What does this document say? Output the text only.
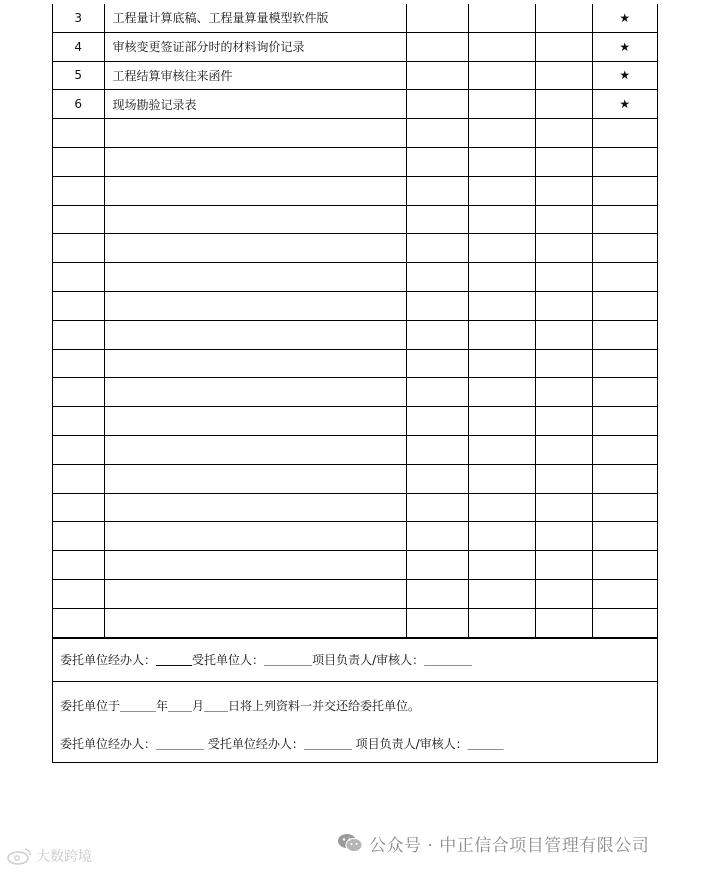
3	工程量计算底稿、工程量算量模型软件版				★
4	审核变更签证部分时的材料询价记录				★
5	工程结算审核往来函件				★
6	现场勘验记录表				★

委托单位经办人： ＿＿＿ 受托单位人： ＿＿＿＿ 项目负责人/审核人： ＿＿＿＿
委托单位于＿＿＿年＿＿月＿＿日将上列资料一并交还给委托单位。
委托单位经办人：＿＿＿＿ 受托单位经办人：＿＿＿＿ 项目负责人/审核人：＿＿＿
公众号 · 中正信合项目管理有限公司
大数跨境
